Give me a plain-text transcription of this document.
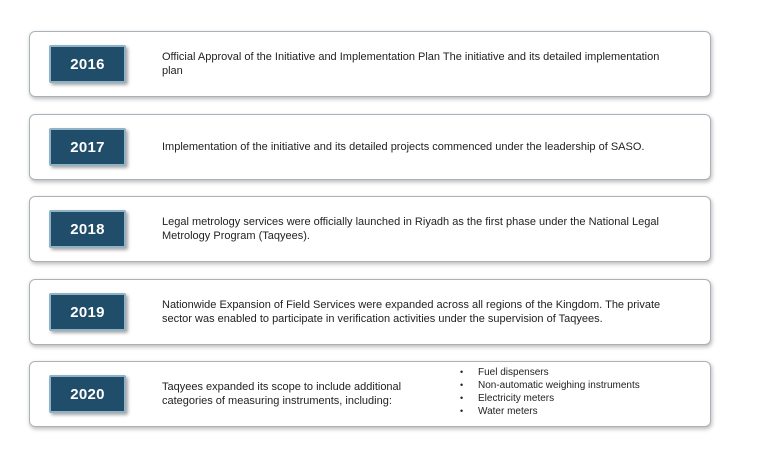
2016	Official Approval of the Initiative and Implementation Plan The initiative and its detailed implementation plan
2017	Implementation of the initiative and its detailed projects commenced under the leadership of SASO.
2018	Legal metrology services were officially launched in Riyadh as the first phase under the National Legal Metrology Program (Taqyees).
2019	Nationwide Expansion of Field Services were expanded across all regions of the Kingdom. The private sector was enabled to participate in verification activities under the supervision of Taqyees.
2020	Taqyees expanded its scope to include additional categories of measuring instruments, including:
• Fuel dispensers
• Non-automatic weighing instruments
• Electricity meters
• Water meters
